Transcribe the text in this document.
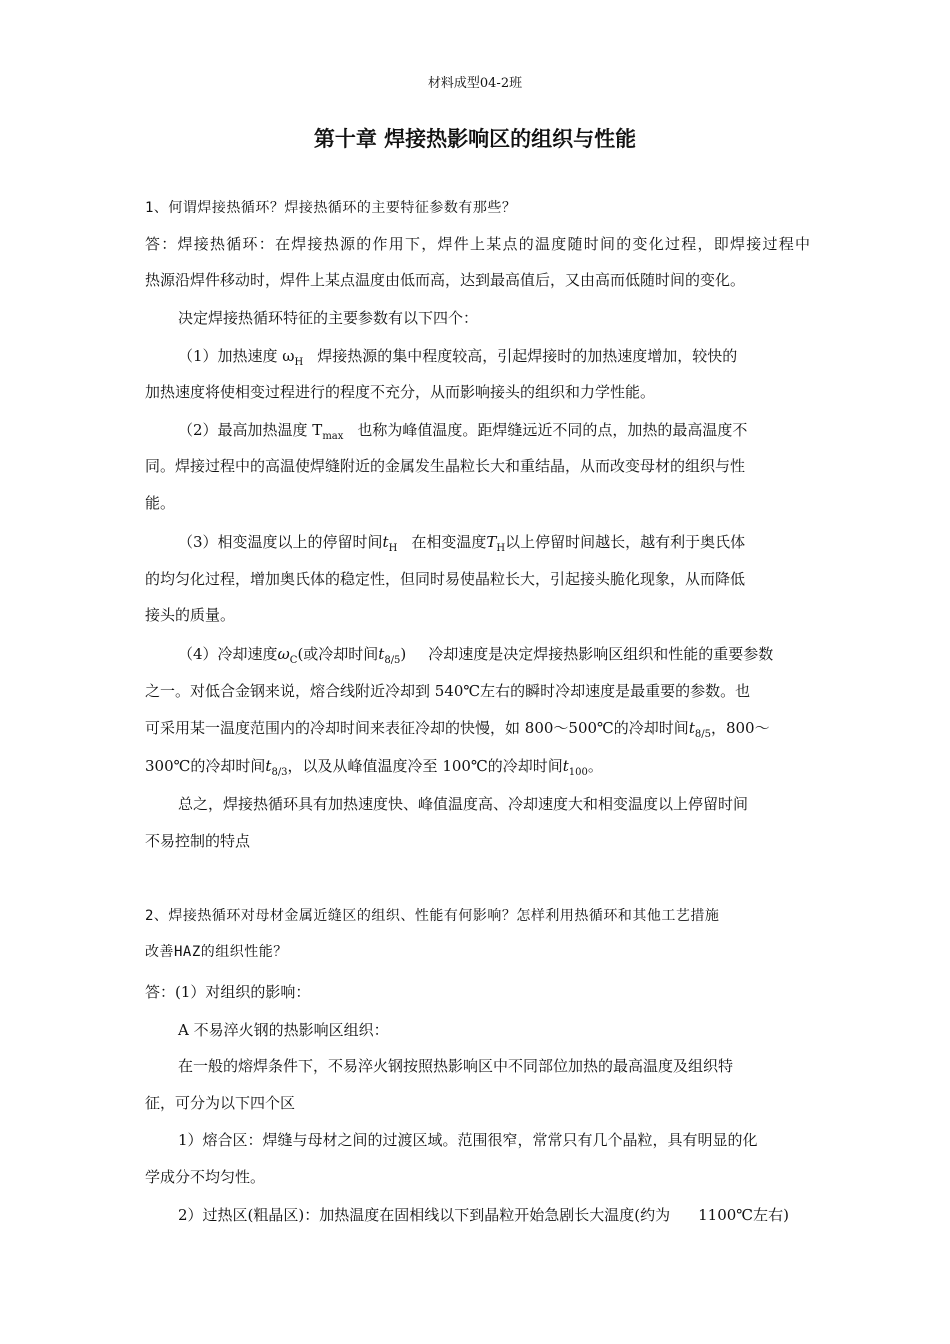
材料成型04-2班
第十章 焊接热影响区的组织与性能
1、何谓焊接热循环？焊接热循环的主要特征参数有那些？
答：焊接热循环：在焊接热源的作用下，焊件上某点的温度随时间的变化过程，即焊接过程中
热源沿焊件移动时，焊件上某点温度由低而高，达到最高值后，又由高而低随时间的变化。
决定焊接热循环特征的主要参数有以下四个：
（1）加热速度 $\omega_H$ 焊接热源的集中程度较高，引起焊接时的加热速度增加，较快的
加热速度将使相变过程进行的程度不充分，从而影响接头的组织和力学性能。
（2）最高加热温度 $T_{max}$ 也称为峰值温度。距焊缝远近不同的点，加热的最高温度不
同。焊接过程中的高温使焊缝附近的金属发生晶粒长大和重结晶，从而改变母材的组织与性
能。
（3）相变温度以上的停留时间$t_H$ 在相变温度$T_H$以上停留时间越长，越有利于奥氏体
的均匀化过程，增加奥氏体的稳定性，但同时易使晶粒长大，引起接头脆化现象，从而降低
接头的质量。
（4）冷却速度$\omega_C$(或冷却时间$t_{8/5}$) 冷却速度是决定焊接热影响区组织和性能的重要参数
之一。对低合金钢来说，熔合线附近冷却到 540℃左右的瞬时冷却速度是最重要的参数。也
可采用某一温度范围内的冷却时间来表征冷却的快慢，如 800～500℃的冷却时间$t_{8/5}$，800～
300℃的冷却时间$t_{8/3}$，以及从峰值温度冷至 100℃的冷却时间$t_{100}$。
总之，焊接热循环具有加热速度快、峰值温度高、冷却速度大和相变温度以上停留时间
不易控制的特点
2、焊接热循环对母材金属近缝区的组织、性能有何影响？怎样利用热循环和其他工艺措施
改善HAZ的组织性能？
答：(1）对组织的影响：
A 不易淬火钢的热影响区组织：
在一般的熔焊条件下，不易淬火钢按照热影响区中不同部位加热的最高温度及组织特
征，可分为以下四个区
1）熔合区：焊缝与母材之间的过渡区域。范围很窄，常常只有几个晶粒，具有明显的化
学成分不均匀性。
2）过热区(粗晶区)：加热温度在固相线以下到晶粒开始急剧长大温度(约为 1100℃左右)
